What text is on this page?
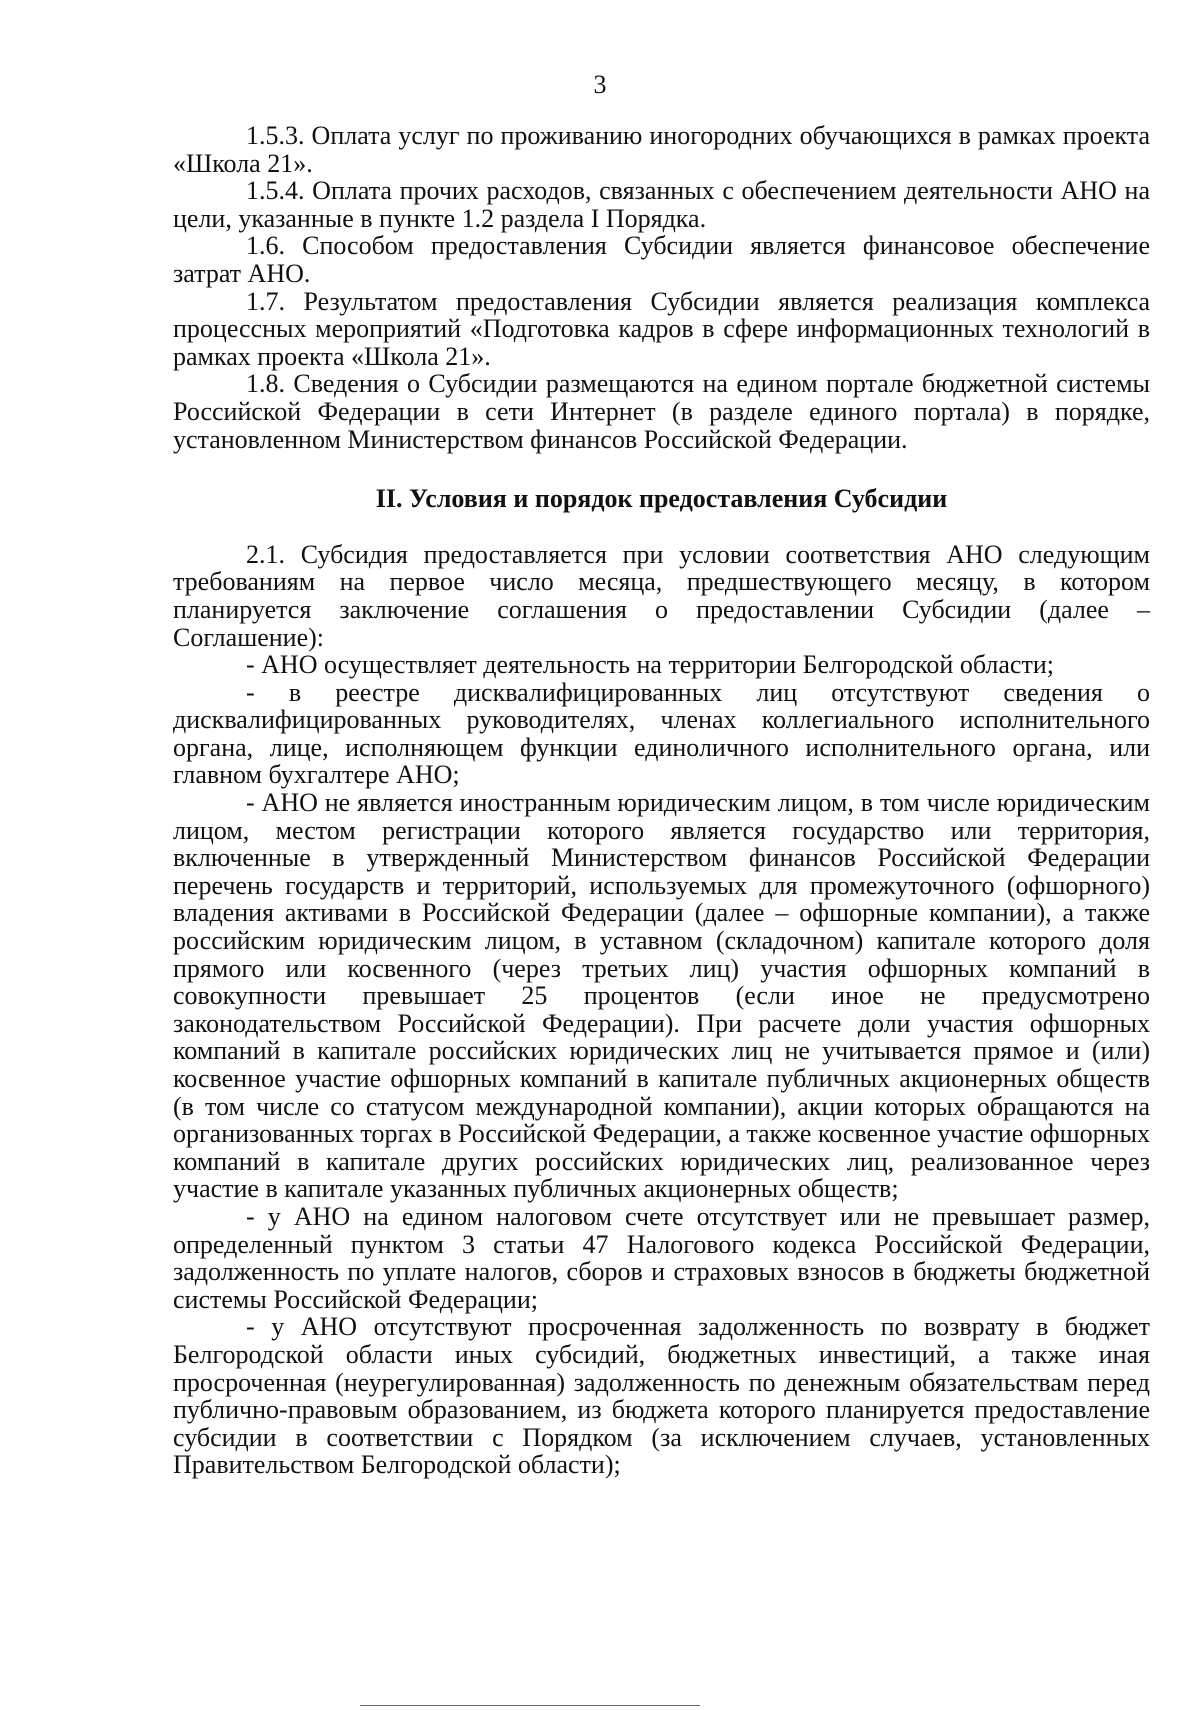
3

1.5.3. Оплата услуг по проживанию иногородних обучающихся в рамках проекта «Школа 21».

1.5.4. Оплата прочих расходов, связанных с обеспечением деятельности АНО на цели, указанные в пункте 1.2 раздела I Порядка.

1.6. Способом предоставления Субсидии является финансовое обеспечение затрат АНО.

1.7. Результатом предоставления Субсидии является реализация комплекса процессных мероприятий «Подготовка кадров в сфере информационных технологий в рамках проекта «Школа 21».

1.8. Сведения о Субсидии размещаются на едином портале бюджетной системы Российской Федерации в сети Интернет (в разделе единого портала) в порядке, установленном Министерством финансов Российской Федерации.

II. Условия и порядок предоставления Субсидии

2.1. Субсидия предоставляется при условии соответствия АНО следующим требованиям на первое число месяца, предшествующего месяцу, в котором планируется заключение соглашения о предоставлении Субсидии (далее – Соглашение):

- АНО осуществляет деятельность на территории Белгородской области;

- в реестре дисквалифицированных лиц отсутствуют сведения о дисквалифицированных руководителях, членах коллегиального исполнительного органа, лице, исполняющем функции единоличного исполнительного органа, или главном бухгалтере АНО;

- АНО не является иностранным юридическим лицом, в том числе юридическим лицом, местом регистрации которого является государство или территория, включенные в утвержденный Министерством финансов Российской Федерации перечень государств и территорий, используемых для промежуточного (офшорного) владения активами в Российской Федерации (далее – офшорные компании), а также российским юридическим лицом, в уставном (складочном) капитале которого доля прямого или косвенного (через третьих лиц) участия офшорных компаний в совокупности превышает 25 процентов (если иное не предусмотрено законодательством Российской Федерации). При расчете доли участия офшорных компаний в капитале российских юридических лиц не учитывается прямое и (или) косвенное участие офшорных компаний в капитале публичных акционерных обществ (в том числе со статусом международной компании), акции которых обращаются на организованных торгах в Российской Федерации, а также косвенное участие офшорных компаний в капитале других российских юридических лиц, реализованное через участие в капитале указанных публичных акционерных обществ;

- у АНО на едином налоговом счете отсутствует или не превышает размер, определенный пунктом 3 статьи 47 Налогового кодекса Российской Федерации, задолженность по уплате налогов, сборов и страховых взносов в бюджеты бюджетной системы Российской Федерации;

- у АНО отсутствуют просроченная задолженность по возврату в бюджет Белгородской области иных субсидий, бюджетных инвестиций, а также иная просроченная (неурегулированная) задолженность по денежным обязательствам перед публично-правовым образованием, из бюджета которого планируется предоставление субсидии в соответствии с Порядком (за исключением случаев, установленных Правительством Белгородской области);
